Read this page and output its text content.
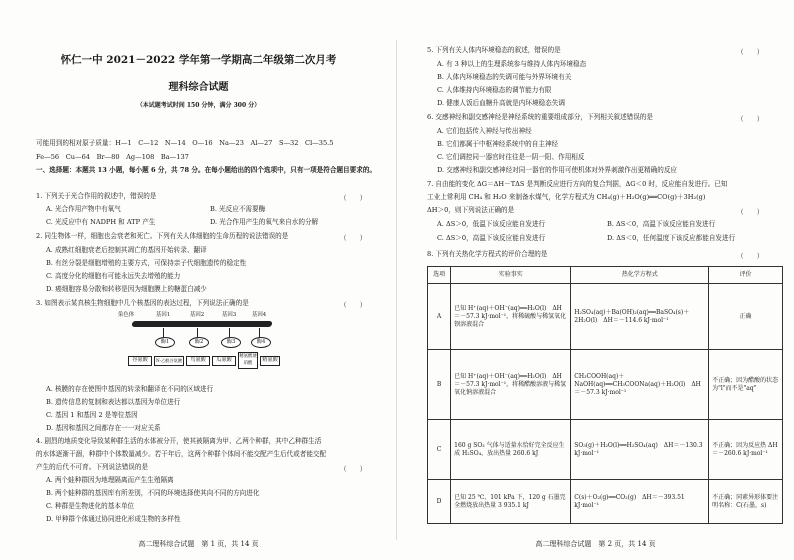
怀仁一中 2021－2022 学年第一学期高二年级第二次月考
理科综合试题
（本试题考试时间 150 分钟，满分 300 分）
可能用到的相对原子质量：H—1　C—12　N—14　O—16　Na—23　Al—27　S—32　Cl—35.5
Fe—56　Cu—64　Br—80　Ag—108　Ba—137
一、选择题：本题共 13 小题，每小题 6 分，共 78 分。在每小题给出的四个选项中，只有一项是符合题目要求的。
1. 下列关于光合作用的叙述中，错误的是	（　　）
A. 光合作用产物中有氧气	B. 光反应不需要酶
C. 光反应中有 NADPH 和 ATP 产生	D. 光合作用产生的氧气来自水的分解
2. 同生物体一样，细胞也会衰老和死亡。下列有关人体细胞的生命历程的说法错误的是	（　　）
A. 成熟红细胞衰老后控制其凋亡的基因开始转录、翻译
B. 有丝分裂是细胞增殖的主要方式，可保持亲子代细胞遗传的稳定性
C. 高度分化的细胞有可能永远失去增殖的能力
D. 癌细胞容易分散和转移是因为细胞膜上的糖蛋白减少
3. 如图表示某真核生物细胞中几个核基因的表达过程，下列说法正确的是	（　　）
染色体	基因1	基因2	基因3	基因4
酶1	酶2	酶3	酶4
谷氨酸	N-乙酰谷氨酸	鸟氨酸	瓜氨酸
精氨酸琥珀酸
精氨酸
A. 核膜的存在使图中基因的转录和翻译在不同的区域进行
B. 遗传信息的复制和表达都以基因为单位进行
C. 基因 1 和基因 2 是等位基因
D. 基因和基因之间都存在一一对应关系
4. 剧烈的地质变化导致某种群生活的水体被分开，使其被隔离为甲、乙两个种群，其中乙种群生活
的水体逐渐干涸，种群中个体数量减少。若干年后，这两个种群个体间不能交配产生后代或者能交配
产生的后代不可育。下列说法错误的是	（　　）
A. 两个蛙种群因为地理隔离而产生生殖隔离
B. 两个蛙种群的基因库有所差别，不同的环境选择使其向不同的方向进化
C. 种群是生物进化的基本单位
D. 甲种群个体通过协同进化形成生物的多样性
高二理科综合试题　第 1 页，共 14 页
5. 下列有关人体内环境稳态的叙述，错误的是	（　　）
A. 有 3 种以上的生理系统参与维持人体内环境稳态
B. 人体内环境稳态的失调可能与外界环境有关
C. 人体维持内环境稳态的调节能力有限
D. 健康人饭后血糖升高就是内环境稳态失调
6. 交感神经和副交感神经是神经系统的重要组成部分，下列相关叙述错误的是	（　　）
A. 它们包括传入神经与传出神经
B. 它们都属于中枢神经系统中的自主神经
C. 它们调控同一器官时往往是一阴一阳、作用相反
D. 交感神经和副交感神经对同一器官的作用可使机体对外界刺激作出更精确的反应
7. 自由能的变化 ΔG＝ΔH－TΔS 是判断反应进行方向的复合判据，ΔG＜0 时，反应能自发进行。已知
工业上常利用 CH₄ 和 H₂O 来制备水煤气，化学方程式为 CH₄(g)＋H₂O(g)══CO(g)＋3H₂(g)
ΔH＞0，则下列说法正确的是	（　　）
A. ΔS＞0，低温下该反应能自发进行	B. ΔS＜0，高温下该反应能自发进行
C. ΔS＞0，高温下该反应能自发进行	D. ΔS＜0，任何温度下该反应都能自发进行
8. 下列有关热化学方程式的评价合理的是	（　　）
选项	实验事实	热化学方程式	评价
A	已知 H⁺(aq)＋OH⁻(aq)══H₂O(l)　ΔH＝－57.3 kJ·mol⁻¹，将稀硫酸与稀氢氧化钡溶液混合	H₂SO₄(aq)＋Ba(OH)₂(aq)══BaSO₄(s)＋2H₂O(l)　ΔH＝－114.6 kJ·mol⁻¹	正确
B	已知 H⁺(aq)＋OH⁻(aq)══H₂O(l)　ΔH＝－57.3 kJ·mol⁻¹，将稀醋酸溶液与稀氢氧化钠溶液混合	CH₃COOH(aq)＋NaOH(aq)══CH₃COONa(aq)＋H₂O(l)　ΔH＝－57.3 kJ·mol⁻¹	不正确；因为醋酸的状态为"l"而不是"aq"
C	160 g SO₃ 气体与适量水恰好完全反应生成 H₂SO₄，放出热量 260.6 kJ	SO₃(g)＋H₂O(l)══H₂SO₄(aq)　ΔH＝－130.3 kJ·mol⁻¹	不正确；因为反应热 ΔH＝－260.6 kJ·mol⁻¹
D	已知 25 ℃、101 kPa 下，120 g 石墨完全燃烧放出热量 3 935.1 kJ	C(s)＋O₂(g)══CO₂(g)　ΔH＝－393.51 kJ·mol⁻¹	不正确；同素异形体要注明名称：C(石墨，s)
高二理科综合试题　第 2 页，共 14 页
